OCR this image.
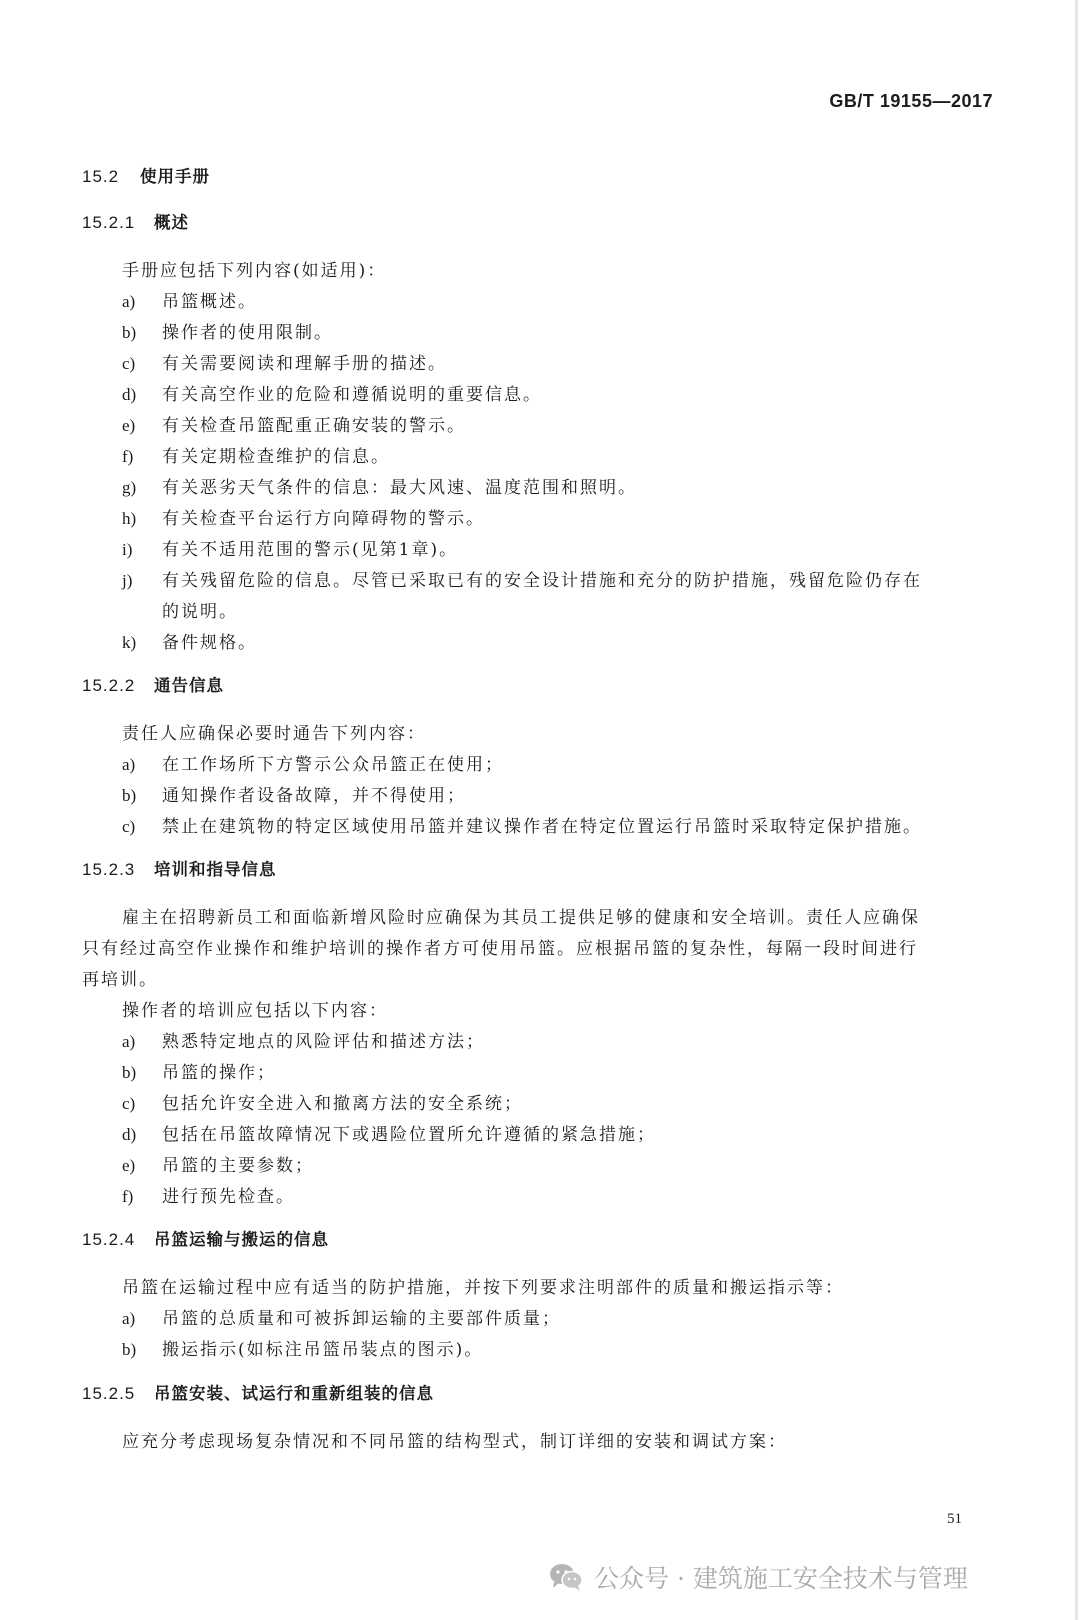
GB/T 19155—2017
15.2 使用手册
15.2.1 概述
手册应包括下列内容(如适用)：
a) 吊篮概述。
b) 操作者的使用限制。
c) 有关需要阅读和理解手册的描述。
d) 有关高空作业的危险和遵循说明的重要信息。
e) 有关检查吊篮配重正确安装的警示。
f) 有关定期检查维护的信息。
g) 有关恶劣天气条件的信息：最大风速、温度范围和照明。
h) 有关检查平台运行方向障碍物的警示。
i) 有关不适用范围的警示(见第1章)。
j) 有关残留危险的信息。尽管已采取已有的安全设计措施和充分的防护措施，残留危险仍存在
的说明。
k) 备件规格。
15.2.2 通告信息
责任人应确保必要时通告下列内容：
a) 在工作场所下方警示公众吊篮正在使用；
b) 通知操作者设备故障，并不得使用；
c) 禁止在建筑物的特定区域使用吊篮并建议操作者在特定位置运行吊篮时采取特定保护措施。
15.2.3 培训和指导信息
雇主在招聘新员工和面临新增风险时应确保为其员工提供足够的健康和安全培训。责任人应确保
只有经过高空作业操作和维护培训的操作者方可使用吊篮。应根据吊篮的复杂性，每隔一段时间进行
再培训。
操作者的培训应包括以下内容：
a) 熟悉特定地点的风险评估和描述方法；
b) 吊篮的操作；
c) 包括允许安全进入和撤离方法的安全系统；
d) 包括在吊篮故障情况下或遇险位置所允许遵循的紧急措施；
e) 吊篮的主要参数；
f) 进行预先检查。
15.2.4 吊篮运输与搬运的信息
吊篮在运输过程中应有适当的防护措施，并按下列要求注明部件的质量和搬运指示等：
a) 吊篮的总质量和可被拆卸运输的主要部件质量；
b) 搬运指示(如标注吊篮吊装点的图示)。
15.2.5 吊篮安装、试运行和重新组装的信息
应充分考虑现场复杂情况和不同吊篮的结构型式，制订详细的安装和调试方案：
51
公众号 · 建筑施工安全技术与管理
